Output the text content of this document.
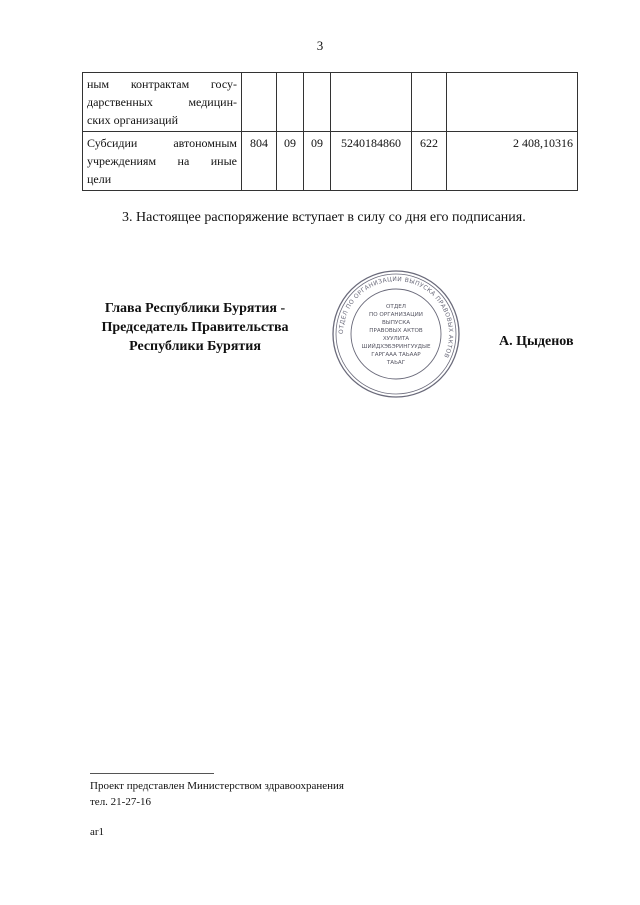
3
ным контрактам госу-
дарственных медицин-
ских организаций						

Субсидии автономным
учреждениям на иные
цели	804	09	09	5240184860	622	2 408,10316
3. Настоящее распоряжение вступает в силу со дня его подписания.
Глава Республики Бурятия -
Председатель Правительства
Республики Бурятия
ОТДЕЛ ПО ОРГАНИЗАЦИИ ВЫПУСКА ПРАВОВЫХ АКТОВ
ОТДЕЛ
ПО ОРГАНИЗАЦИИ
ВЫПУСКА
ПРАВОВЫХ АКТОВ
ХУУЛИТА
ШИЙДХЭБЭРИНГУУДЫЕ
ГАРГААА ТАЬААР
ТАЬАГ
А. Цыденов
Проект представлен Министерством здравоохранения
тел. 21-27-16
ar1
